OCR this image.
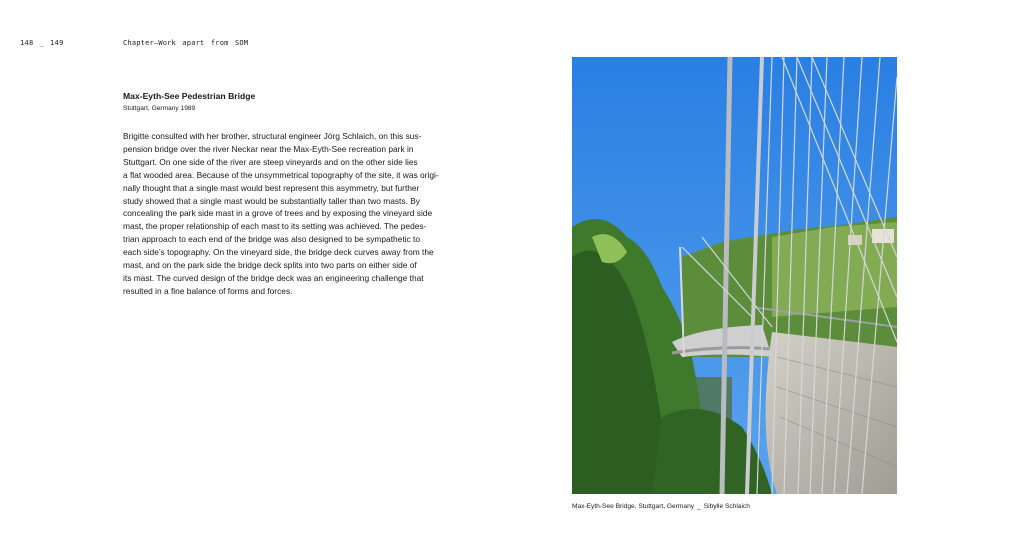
148 _ 149	Chapter—Work apart from SOM
Max-Eyth-See Pedestrian Bridge

Stuttgart, Germany 1989

Brigitte consulted with her brother, structural engineer Jörg Schlaich, on this sus-
pension bridge over the river Neckar near the Max-Eyth-See recreation park in
Stuttgart. On one side of the river are steep vineyards and on the other side lies
a flat wooded area. Because of the unsymmetrical topography of the site, it was origi-
nally thought that a single mast would best represent this asymmetry, but further
study showed that a single mast would be substantially taller than two masts. By
concealing the park side mast in a grove of trees and by exposing the vineyard side
mast, the proper relationship of each mast to its setting was achieved. The pedes-
trian approach to each end of the bridge was also designed to be sympathetic to
each side’s topography. On the vineyard side, the bridge deck curves away from the
mast, and on the park side the bridge deck splits into two parts on either side of
its mast. The curved design of the bridge deck was an engineering challenge that
resulted in a fine balance of forms and forces.
Max-Eyth-See Bridge, Stuttgart, Germany _ Sibylle Schlaich
